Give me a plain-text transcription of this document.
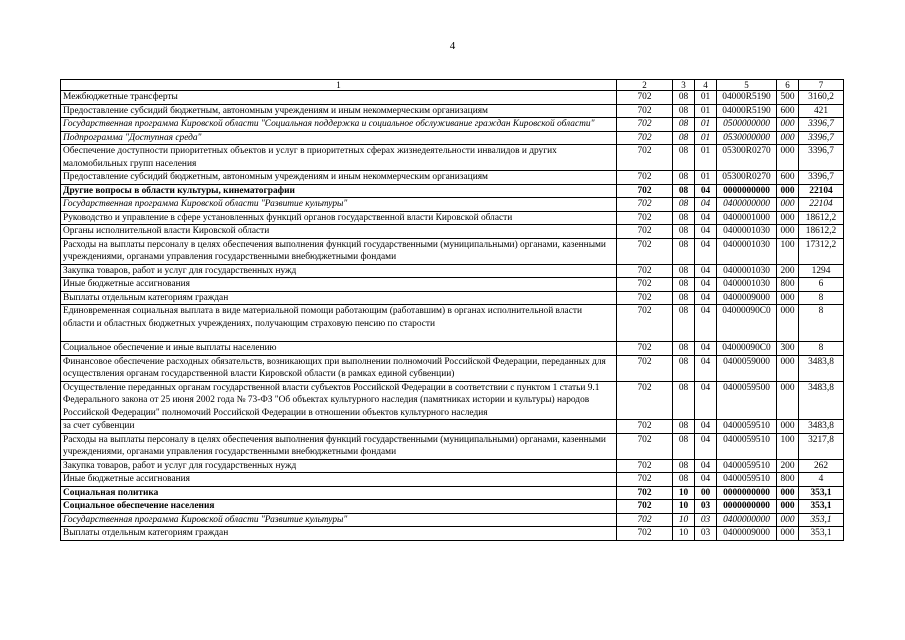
4
1	2	3	4	5	6	7
Межбюджетные трансферты	702	08	01	04000R5190	500	3160,2
Предоставление субсидий бюджетным, автономным учреждениям и иным некоммерческим организациям	702	08	01	04000R5190	600	421
Государственная программа Кировской области "Социальная поддержка и социальное обслуживание граждан Кировской области"	702	08	01	0500000000	000	3396,7
Подпрограмма "Доступная среда"	702	08	01	0530000000	000	3396,7
Обеспечение доступности приоритетных объектов и услуг в приоритетных сферах жизнедеятельности инвалидов и других маломобильных групп населения	702	08	01	05300R0270	000	3396,7
Предоставление субсидий бюджетным, автономным учреждениям и иным некоммерческим организациям	702	08	01	05300R0270	600	3396,7
Другие вопросы в области культуры, кинематографии	702	08	04	0000000000	000	22104
Государственная программа Кировской области "Развитие культуры"	702	08	04	0400000000	000	22104
Руководство и управление в сфере установленных функций органов государственной власти Кировской области	702	08	04	0400001000	000	18612,2
Органы исполнительной власти Кировской области	702	08	04	0400001030	000	18612,2
Расходы на выплаты персоналу в целях обеспечения выполнения функций государственными (муниципальными) органами, казенными учреждениями, органами управления государственными внебюджетными фондами	702	08	04	0400001030	100	17312,2
Закупка товаров, работ и услуг для государственных нужд	702	08	04	0400001030	200	1294
Иные бюджетные ассигнования	702	08	04	0400001030	800	6
Выплаты отдельным категориям граждан	702	08	04	0400009000	000	8
Единовременная социальная выплата в виде материальной помощи работающим (работавшим) в органах исполнительной власти области и областных бюджетных учреждениях, получающим страховую пенсию по старости	702	08	04	04000090C0	000	8
Социальное обеспечение и иные выплаты населению	702	08	04	04000090C0	300	8
Финансовое обеспечение расходных обязательств, возникающих при выполнении полномочий Российской Федерации, переданных для осуществления органам государственной власти Кировской области (в рамках единой субвенции)	702	08	04	0400059000	000	3483,8
Осуществление переданных органам государственной власти субъектов Российской Федерации в соответствии с пунктом 1 статьи 9.1 Федерального закона от 25 июня 2002 года № 73-ФЗ "Об объектах культурного наследия (памятниках истории и культуры) народов Российской Федерации" полномочий Российской Федерации в отношении объектов культурного наследия	702	08	04	0400059500	000	3483,8
за счет субвенции	702	08	04	0400059510	000	3483,8
Расходы на выплаты персоналу в целях обеспечения выполнения функций государственными (муниципальными) органами, казенными учреждениями, органами управления государственными внебюджетными фондами	702	08	04	0400059510	100	3217,8
Закупка товаров, работ и услуг для государственных нужд	702	08	04	0400059510	200	262
Иные бюджетные ассигнования	702	08	04	0400059510	800	4
Социальная политика	702	10	00	0000000000	000	353,1
Социальное обеспечение населения	702	10	03	0000000000	000	353,1
Государственная программа Кировской области "Развитие культуры"	702	10	03	0400000000	000	353,1
Выплаты отдельным категориям граждан	702	10	03	0400009000	000	353,1
